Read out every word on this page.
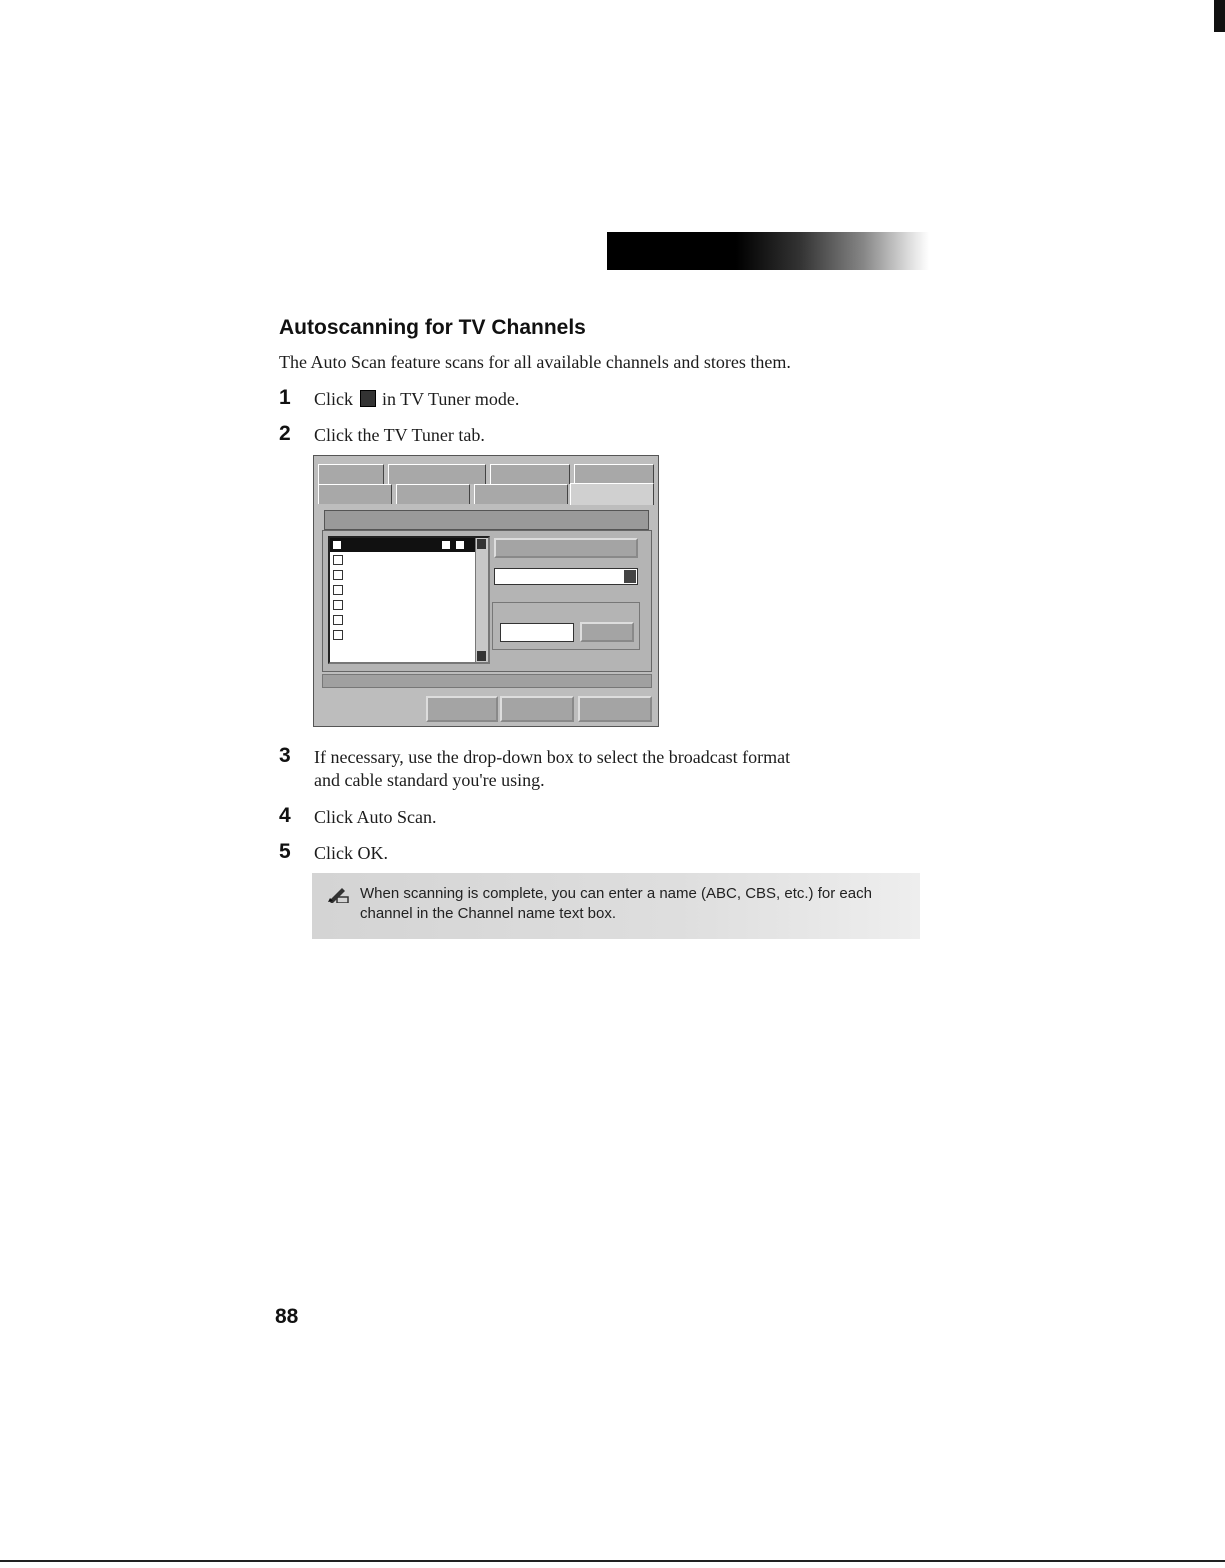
Autoscanning for TV Channels
The Auto Scan feature scans for all available channels and stores them.
1 Click in TV Tuner mode.
2 Click the TV Tuner tab.
3 If necessary, use the drop-down box to select the broadcast format
and cable standard you're using.
4 Click Auto Scan.
5 Click OK.
When scanning is complete, you can enter a name (ABC, CBS, etc.) for each channel in the Channel name text box.
88
